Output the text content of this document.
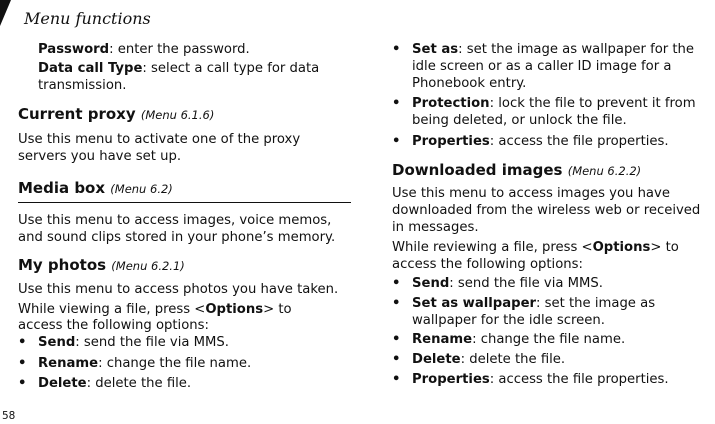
Menu functions
58

Password: enter the password.

Data call Type: select a call type for data

transmission.

Current proxy (Menu 6.1.6)

Use this menu to activate one of the proxy

servers you have set up.

Media box (Menu 6.2)

Use this menu to access images, voice memos,

and sound clips stored in your phone’s memory.

My photos (Menu 6.2.1)

Use this menu to access photos you have taken.

While viewing a file, press <Options> to

access the following options:

• Send: send the file via MMS.
• Rename: change the file name.
• Delete: delete the file.
• Set as: set the image as wallpaper for the

idle screen or as a caller ID image for a

Phonebook entry.

• Protection: lock the file to prevent it from

being deleted, or unlock the file.

• Properties: access the file properties.

Downloaded images (Menu 6.2.2)

Use this menu to access images you have

downloaded from the wireless web or received

in messages.

While reviewing a file, press <Options> to

access the following options:

• Send: send the file via MMS.
• Set as wallpaper: set the image as

wallpaper for the idle screen.

• Rename: change the file name.
• Delete: delete the file.
• Properties: access the file properties.
